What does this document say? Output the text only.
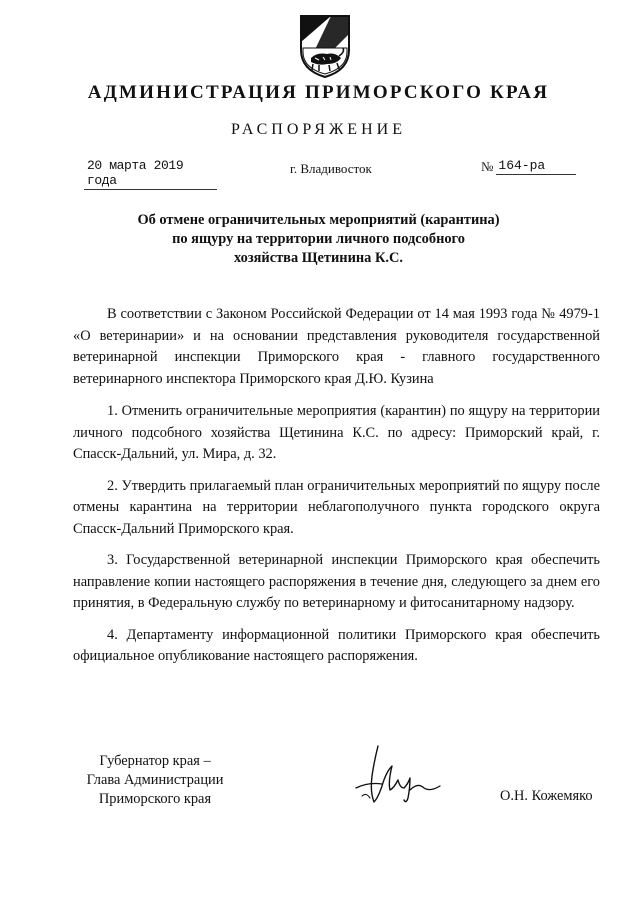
АДМИНИСТРАЦИЯ ПРИМОРСКОГО КРАЯ
РАСПОРЯЖЕНИЕ
20 марта 2019 года
г. Владивосток	№ 164-ра
Об отмене ограничительных мероприятий (карантина)
по ящуру на территории личного подсобного
хозяйства Щетинина К.С.

В соответствии с Законом Российской Федерации от 14 мая 1993 года № 4979-1 «О ветеринарии» и на основании представления руководителя государственной ветеринарной инспекции Приморского края - главного государственного ветеринарного инспектора Приморского края Д.Ю. Кузина

1. Отменить ограничительные мероприятия (карантин) по ящуру на территории личного подсобного хозяйства Щетинина К.С. по адресу: Приморский край, г. Спасск-Дальний, ул. Мира, д. 32.

2. Утвердить прилагаемый план ограничительных мероприятий по ящуру после отмены карантина на территории неблагополучного пункта городского округа Спасск-Дальний Приморского края.

3. Государственной ветеринарной инспекции Приморского края обеспечить направление копии настоящего распоряжения в течение дня, следующего за днем его принятия, в Федеральную службу по ветеринарному и фитосанитарному надзору.

4. Департаменту информационной политики Приморского края обеспечить официальное опубликование настоящего распоряжения.

Губернатор края –
Глава Администрации
Приморского края	О.Н. Кожемяко
